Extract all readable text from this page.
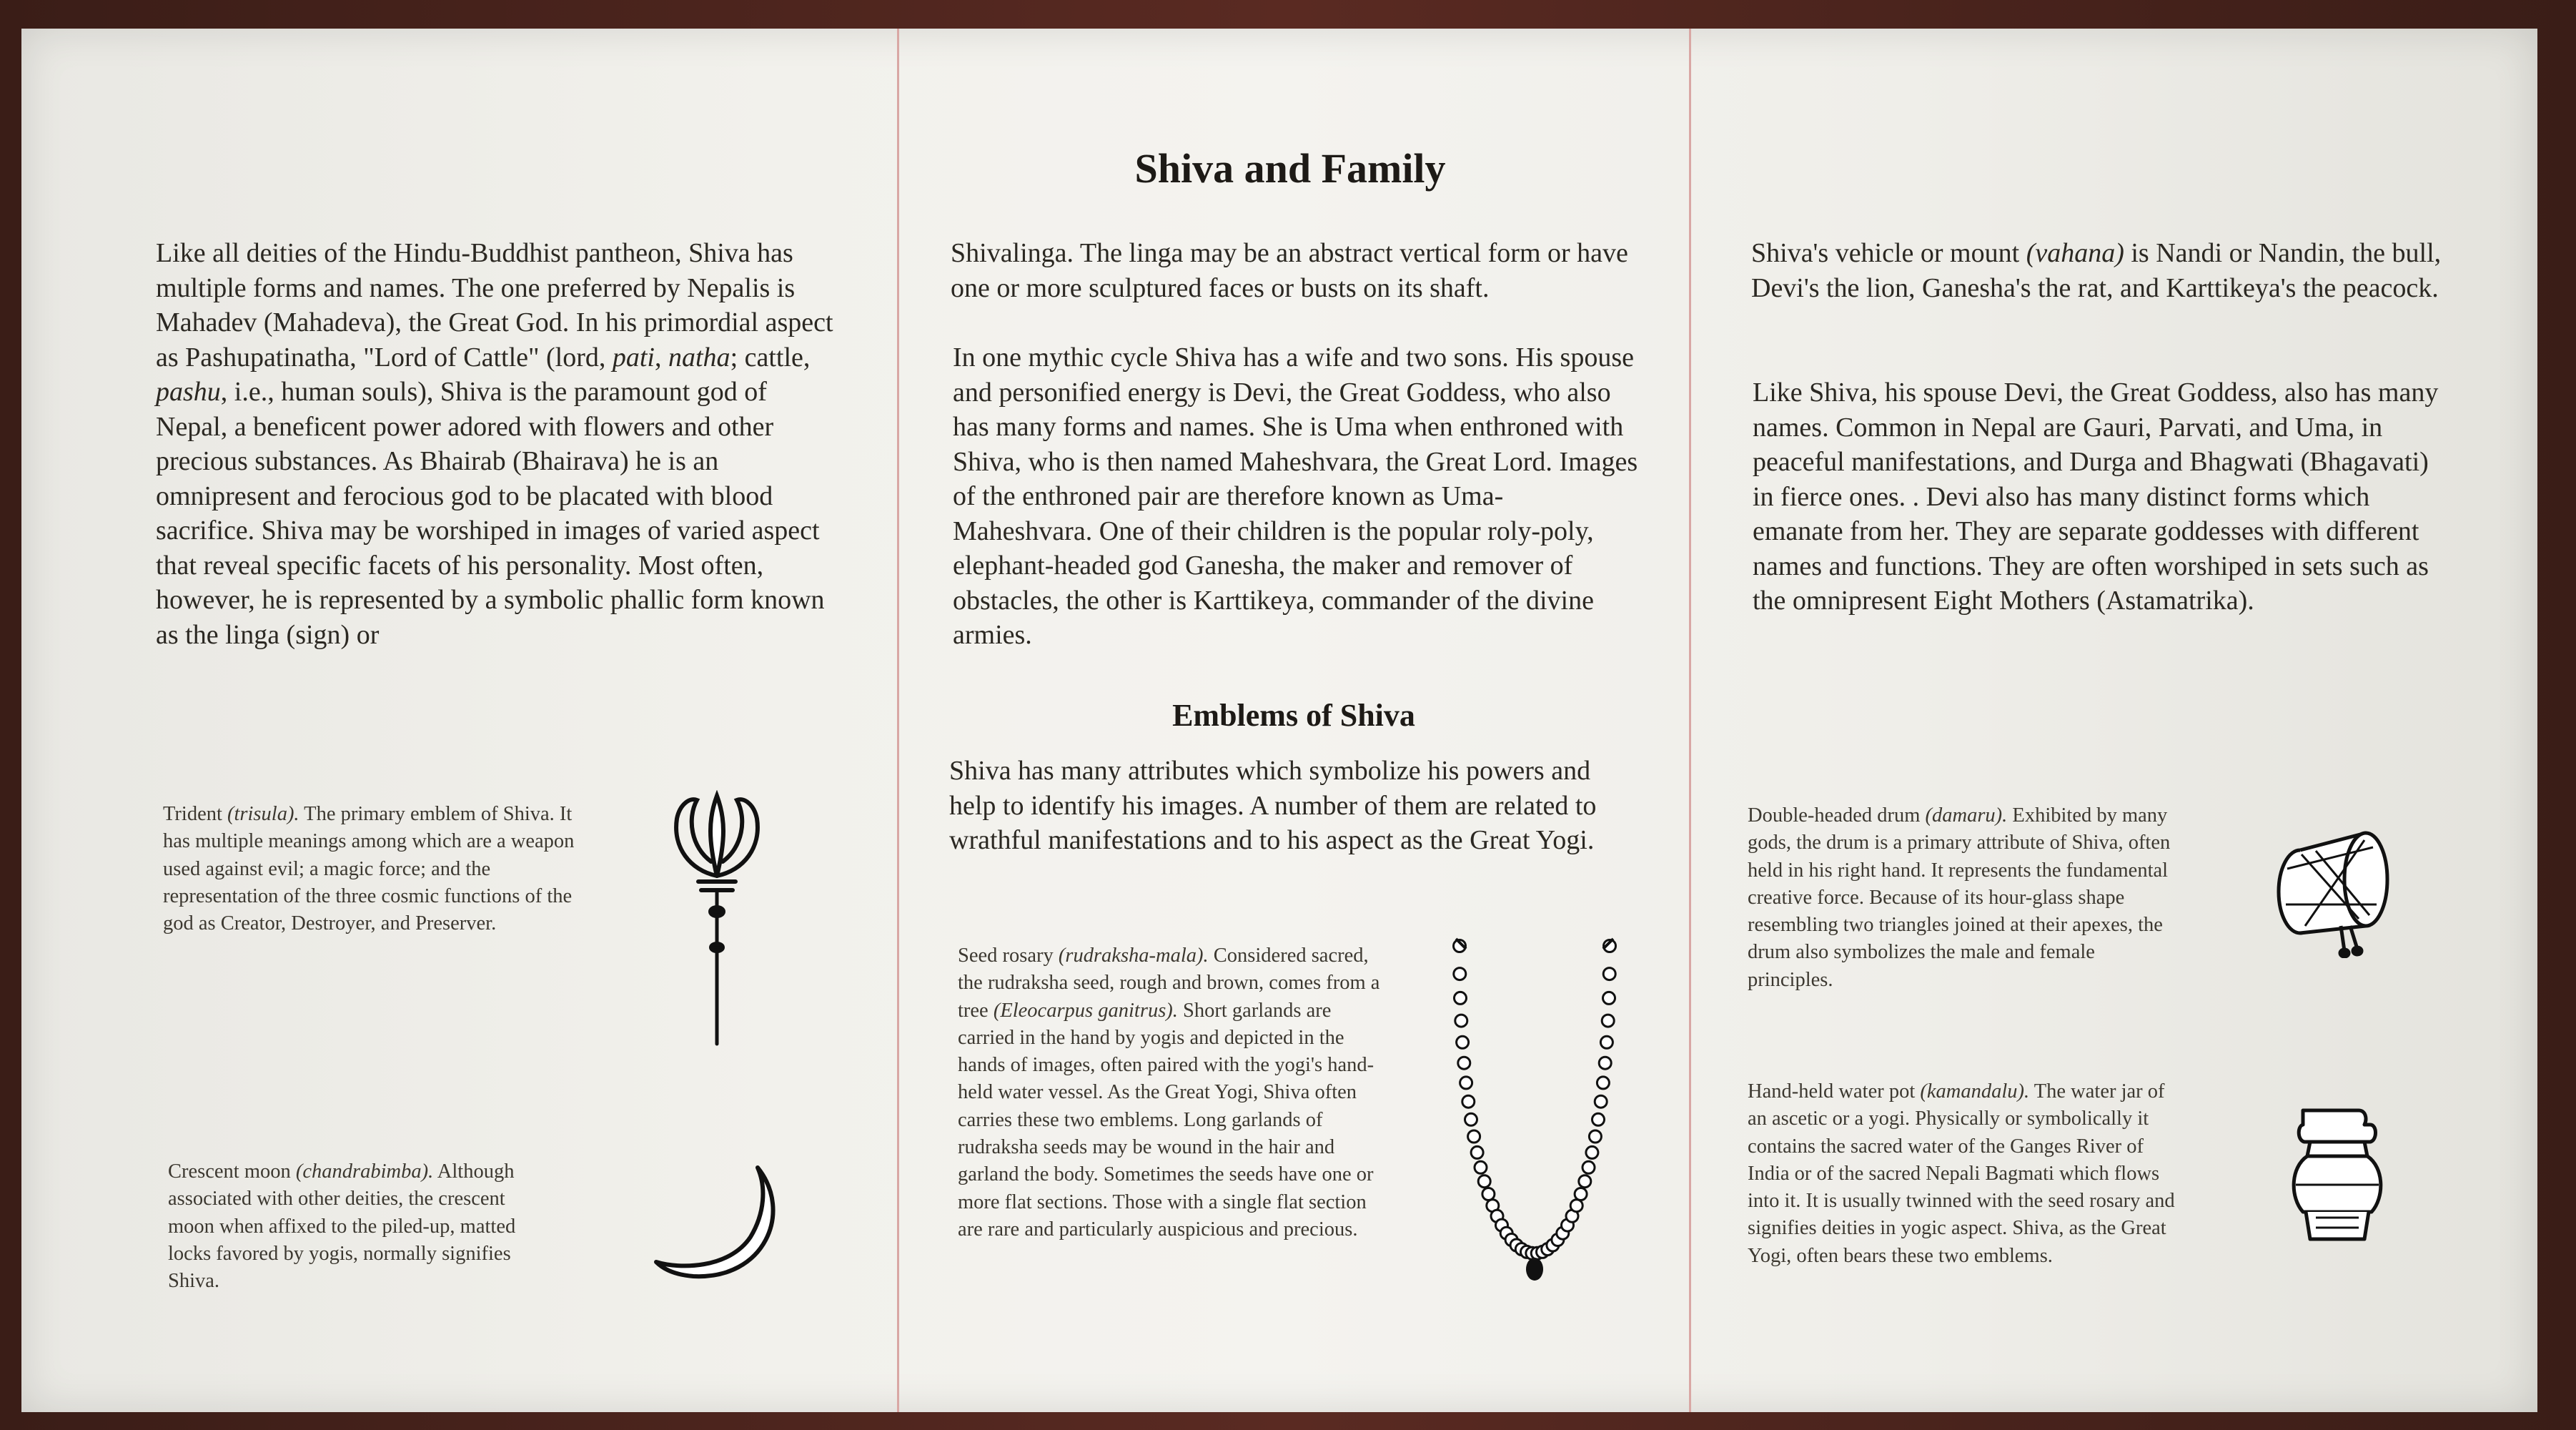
Shiva and Family

Like all deities of the Hindu-Buddhist pantheon, Shiva has multiple forms and names. The one preferred by Nepalis is Mahadev (Mahadeva), the Great God. In his primordial aspect as Pashupatinatha, "Lord of Cattle" (lord, pati, natha; cattle, pashu, i.e., human souls), Shiva is the paramount god of Nepal, a beneficent power adored with flowers and other precious substances. As Bhairab (Bhairava) he is an omnipresent and ferocious god to be placated with blood sacrifice. Shiva may be worshiped in images of varied aspect that reveal specific facets of his personality. Most often, however, he is represented by a symbolic phallic form known as the linga (sign) or

Trident (trisula). The primary emblem of Shiva. It has multiple meanings among which are a weapon used against evil; a magic force; and the representation of the three cosmic functions of the god as Creator, Destroyer, and Preserver.

Crescent moon (chandrabimba). Although associated with other deities, the crescent moon when affixed to the piled-up, matted locks favored by yogis, normally signifies Shiva.

Shivalinga. The linga may be an abstract vertical form or have one or more sculptured faces or busts on its shaft.

In one mythic cycle Shiva has a wife and two sons. His spouse and personified energy is Devi, the Great Goddess, who also has many forms and names. She is Uma when enthroned with Shiva, who is then named Maheshvara, the Great Lord. Images of the enthroned pair are therefore known as Uma-Maheshvara. One of their children is the popular roly-poly, elephant-headed god Ganesha, the maker and remover of obstacles, the other is Karttikeya, commander of the divine armies.

Emblems of Shiva

Shiva has many attributes which symbolize his powers and help to identify his images. A number of them are related to wrathful manifestations and to his aspect as the Great Yogi.

Seed rosary (rudraksha-mala). Considered sacred, the rudraksha seed, rough and brown, comes from a tree (Eleocarpus ganitrus). Short garlands are carried in the hand by yogis and depicted in the hands of images, often paired with the yogi's hand-held water vessel. As the Great Yogi, Shiva often carries these two emblems. Long garlands of rudraksha seeds may be wound in the hair and garland the body. Sometimes the seeds have one or more flat sections. Those with a single flat section are rare and particularly auspicious and precious.

Shiva's vehicle or mount (vahana) is Nandi or Nandin, the bull, Devi's the lion, Ganesha's the rat, and Karttikeya's the peacock.

Like Shiva, his spouse Devi, the Great Goddess, also has many names. Common in Nepal are Gauri, Parvati, and Uma, in peaceful manifestations, and Durga and Bhagwati (Bhagavati) in fierce ones. . Devi also has many distinct forms which emanate from her. They are separate goddesses with different names and functions. They are often worshiped in sets such as the omnipresent Eight Mothers (Astamatrika).

Double-headed drum (damaru). Exhibited by many gods, the drum is a primary attribute of Shiva, often held in his right hand. It represents the fundamental creative force. Because of its hour-glass shape resembling two triangles joined at their apexes, the drum also symbolizes the male and female principles.

Hand-held water pot (kamandalu). The water jar of an ascetic or a yogi. Physically or symbolically it contains the sacred water of the Ganges River of India or of the sacred Nepali Bagmati which flows into it. It is usually twinned with the seed rosary and signifies deities in yogic aspect. Shiva, as the Great Yogi, often bears these two emblems.
